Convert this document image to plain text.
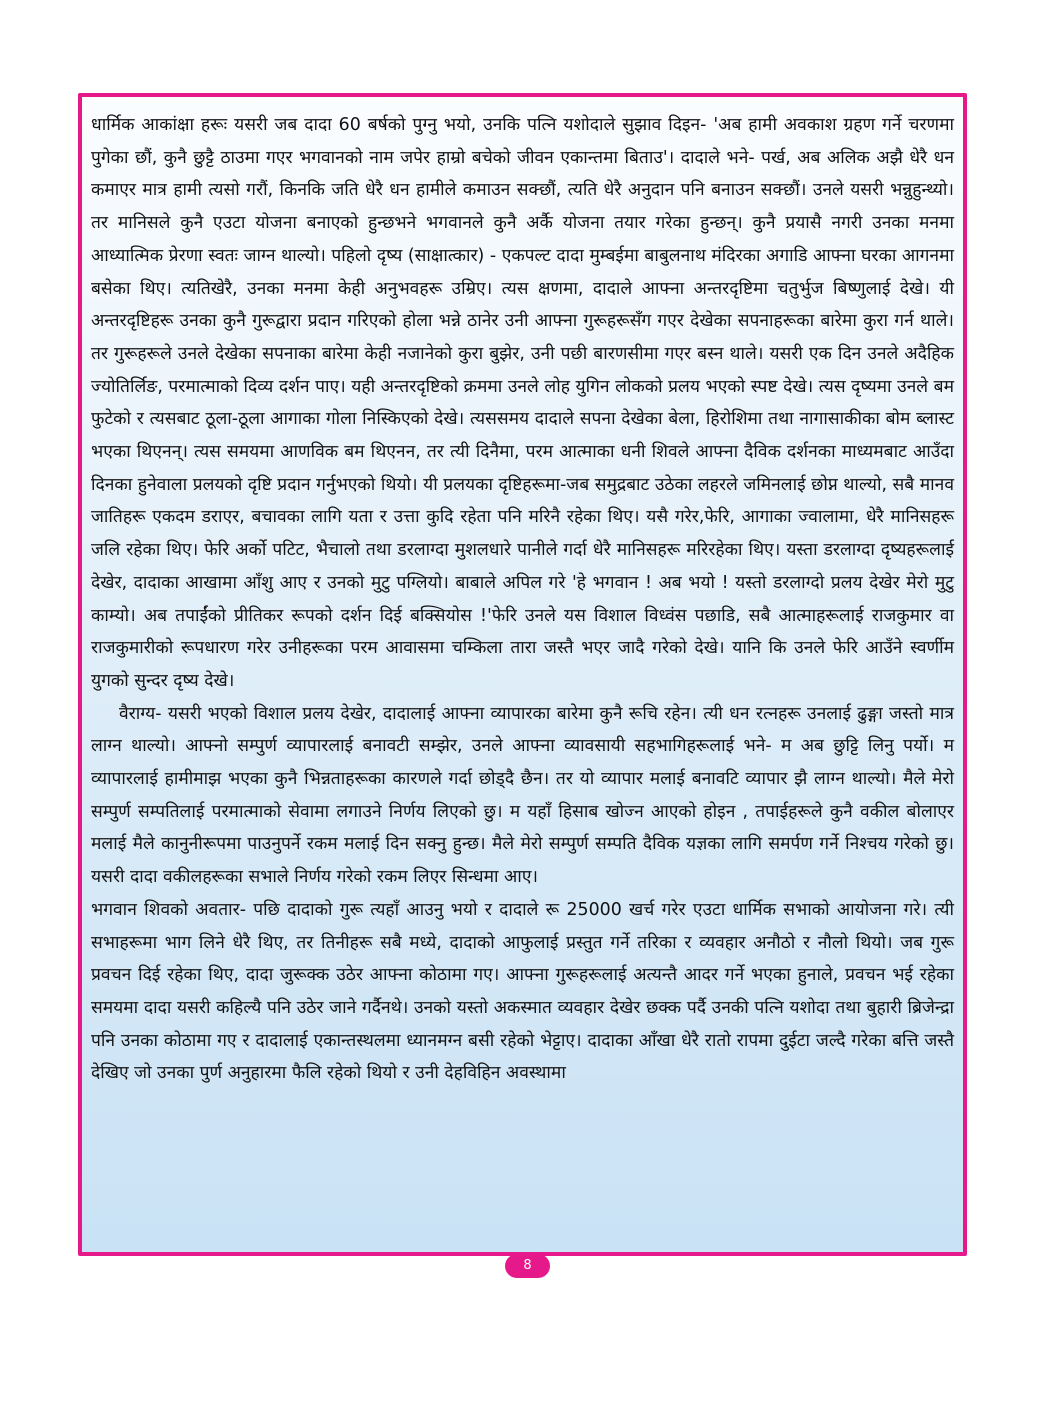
धार्मिक आकांक्षा हरूः यसरी जब दादा 60 बर्षको पुग्नु भयो, उनकि पत्नि यशोदाले सुझाव दिइन- 'अब हामी अवकाश ग्रहण गर्ने चरणमा पुगेका छौं, कुनै छुट्टै ठाउमा गएर भगवानको नाम जपेर हाम्रो बचेको जीवन एकान्तमा बिताउ'। दादाले भने- पर्ख, अब अलिक अझै धेरै धन कमाएर मात्र हामी त्यसो गरौं, किनकि जति धेरै धन हामीले कमाउन सक्छौं, त्यति धेरै अनुदान पनि बनाउन सक्छौं। उनले यसरी भन्नुहुन्थ्यो। तर मानिसले कुनै एउटा योजना बनाएको हुन्छभने भगवानले कुनै अर्कै योजना तयार गरेका हुन्छन्। कुनै प्रयासै नगरी उनका मनमा आध्यात्मिक प्रेरणा स्वतः जाग्न थाल्यो। पहिलो दृष्य (साक्षात्कार) - एकपल्ट दादा मुम्बईमा बाबुलनाथ मंदिरका अगाडि आफ्ना घरका आगनमा बसेका थिए। त्यतिखेरै, उनका मनमा केही अनुभवहरू उम्रिए। त्यस क्षणमा, दादाले आफ्ना अन्तरदृष्टिमा चतुर्भुज बिष्णुलाई देखे। यी अन्तरदृष्टिहरू उनका कुनै गुरूद्वारा प्रदान गरिएको होला भन्ने ठानेर उनी आफ्ना गुरूहरूसँग गएर देखेका सपनाहरूका बारेमा कुरा गर्न थाले। तर गुरूहरूले उनले देखेका सपनाका बारेमा केही नजानेको कुरा बुझेर, उनी पछी बारणसीमा गएर बस्न थाले। यसरी एक दिन उनले अदैहिक ज्योतिर्लिङ, परमात्माको दिव्य दर्शन पाए। यही अन्तरदृष्टिको क्रममा उनले लोह युगिन लोकको प्रलय भएको स्पष्ट देखे। त्यस दृष्यमा उनले बम फुटेको र त्यसबाट ठूला-ठूला आगाका गोला निस्किएको देखे। त्यससमय दादाले सपना देखेका बेला, हिरोशिमा तथा नागासाकीका बोम ब्लास्ट भएका थिएनन्। त्यस समयमा आणविक बम थिएनन, तर त्यी दिनैमा, परम आत्माका धनी शिवले आफ्ना दैविक दर्शनका माध्यमबाट आउँदा दिनका हुनेवाला प्रलयको दृष्टि प्रदान गर्नुभएको थियो। यी प्रलयका दृष्टिहरूमा-जब समुद्रबाट उठेका लहरले जमिनलाई छोप्न थाल्यो, सबै मानव जातिहरू एकदम डराएर, बचावका लागि यता र उत्ता कुदि रहेता पनि मरिनै रहेका थिए। यसै गरेर,फेरि, आगाका ज्वालामा, धेरै मानिसहरू जलि रहेका थिए। फेरि अर्को पटिट, भैचालो तथा डरलाग्दा मुशलधारे पानीले गर्दा धेरै मानिसहरू मरिरहेका थिए। यस्ता डरलाग्दा दृष्यहरूलाई देखेर, दादाका आखामा आँशु आए र उनको मुटु पग्लियो। बाबाले अपिल गरे 'हे भगवान ! अब भयो ! यस्तो डरलाग्दो प्रलय देखेर मेरो मुटु काम्यो। अब तपाईंको प्रीतिकर रूपको दर्शन दिई बक्सियोस !'फेरि उनले यस विशाल विध्वंस पछाडि, सबै आत्माहरूलाई राजकुमार वा राजकुमारीको रूपधारण गरेर उनीहरूका परम आवासमा चम्किला तारा जस्तै भएर जादै गरेको देखे। यानि कि उनले फेरि आउँने स्वर्णीम युगको सुन्दर दृष्य देखे।

वैराग्य- यसरी भएको विशाल प्रलय देखेर, दादालाई आफ्ना व्यापारका बारेमा कुनै रूचि रहेन। त्यी धन रत्नहरू उनलाई ढुङ्गा जस्तो मात्र लाग्न थाल्यो। आफ्नो सम्पुर्ण व्यापारलाई बनावटी सम्झेर, उनले आफ्ना व्यावसायी सहभागिहरूलाई भने- म अब छुट्टि लिनु पर्यो। म व्यापारलाई हामीमाझ भएका कुनै भिन्नताहरूका कारणले गर्दा छोड्दै छैन। तर यो व्यापार मलाई बनावटि व्यापार झै लाग्न थाल्यो। मैले मेरो सम्पुर्ण सम्पतिलाई परमात्माको सेवामा लगाउने निर्णय लिएको छु। म यहाँ हिसाब खोज्न आएको होइन , तपाईहरूले कुनै वकील बोलाएर मलाई मैले कानुनीरूपमा पाउनुपर्ने रकम मलाई दिन सक्नु हुन्छ। मैले मेरो सम्पुर्ण सम्पति दैविक यज्ञका लागि समर्पण गर्ने निश्चय गरेको छु। यसरी दादा वकीलहरूका सभाले निर्णय गरेको रकम लिएर सिन्धमा आए।

भगवान शिवको अवतार- पछि दादाको गुरू त्यहाँ आउनु भयो र दादाले रू 25000 खर्च गरेर एउटा धार्मिक सभाको आयोजना गरे। त्यी सभाहरूमा भाग लिने धेरै थिए, तर तिनीहरू सबै मध्ये, दादाको आफुलाई प्रस्तुत गर्ने तरिका र व्यवहार अनौठो र नौलो थियो। जब गुरू प्रवचन दिई रहेका थिए, दादा जुरूक्क उठेर आफ्ना कोठामा गए। आफ्ना गुरूहरूलाई अत्यन्तै आदर गर्ने भएका हुनाले, प्रवचन भई रहेका समयमा दादा यसरी कहिल्यै पनि उठेर जाने गर्दैनथे। उनको यस्तो अकस्मात व्यवहार देखेर छक्क पर्दै उनकी पत्नि यशोदा तथा बुहारी ब्रिजेन्द्रा पनि उनका कोठामा गए र दादालाई एकान्तस्थलमा ध्यानमग्न बसी रहेको भेट्टाए। दादाका आँखा धेरै रातो रापमा दुईटा जल्दै गरेका बत्ति जस्तै देखिए जो उनका पुर्ण अनुहारमा फैलि रहेको थियो र उनी देहविहिन अवस्थामा

8
